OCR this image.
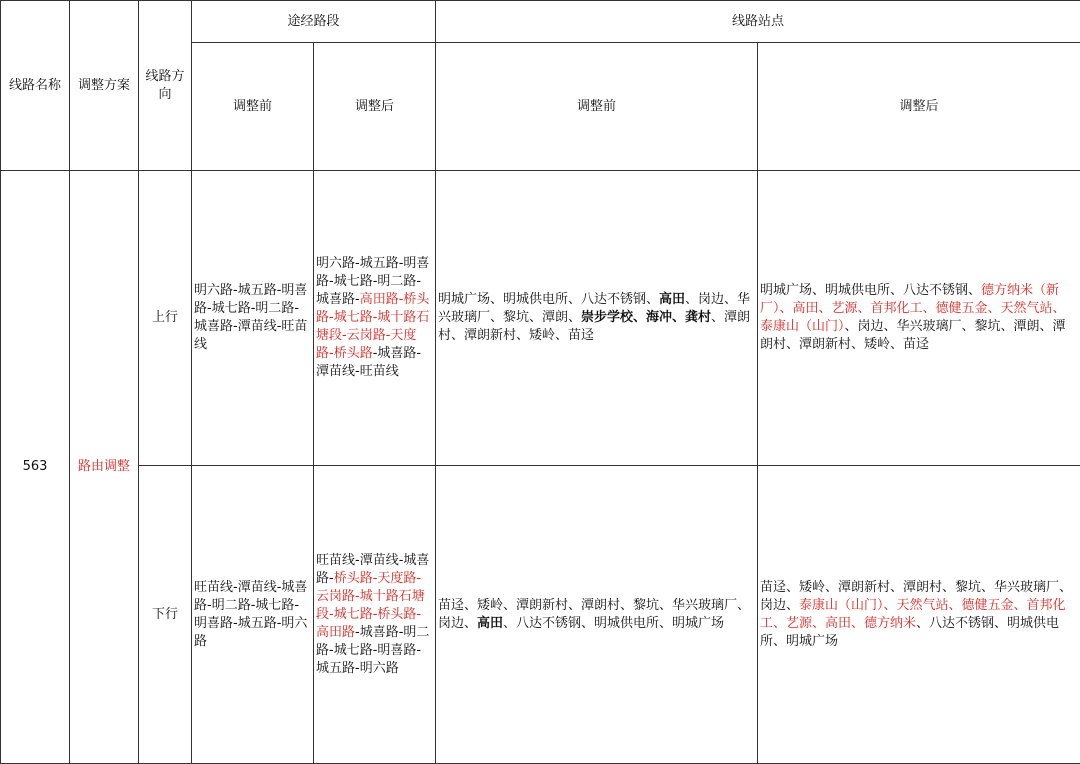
线路名称	调整方案	线路方向	途经路段		线路站点	
			调整前	调整后	调整前	调整后
563	路由调整	上行	明六路-城五路-明喜路-城七路-明二路-城喜路-潭苗线-旺苗线	明六路-城五路-明喜路-城七路-明二路-城喜路-高田路-桥头路-城七路-城十路石塘段-云岗路-天度路-桥头路-城喜路-潭苗线-旺苗线	明城广场、明城供电所、八达不锈钢、高田、岗边、华兴玻璃厂、黎坑、潭朗、崇步学校、海冲、龚村、潭朗村、潭朗新村、矮岭、苗迳	明城广场、明城供电所、八达不锈钢、德方纳米（新厂）、高田、艺源、首邦化工、德健五金、天然气站、泰康山（山门）、岗边、华兴玻璃厂、黎坑、潭朗、潭朗村、潭朗新村、矮岭、苗迳
		下行	旺苗线-潭苗线-城喜路-明二路-城七路-明喜路-城五路-明六路	旺苗线-潭苗线-城喜路-桥头路-天度路-云岗路-城十路石塘段-城七路-桥头路-高田路-城喜路-明二路-城七路-明喜路-城五路-明六路	苗迳、矮岭、潭朗新村、潭朗村、黎坑、华兴玻璃厂、岗边、高田、八达不锈钢、明城供电所、明城广场	苗迳、矮岭、潭朗新村、潭朗村、黎坑、华兴玻璃厂、岗边、泰康山（山门）、天然气站、德健五金、首邦化工、艺源、高田、德方纳米、八达不锈钢、明城供电所、明城广场
